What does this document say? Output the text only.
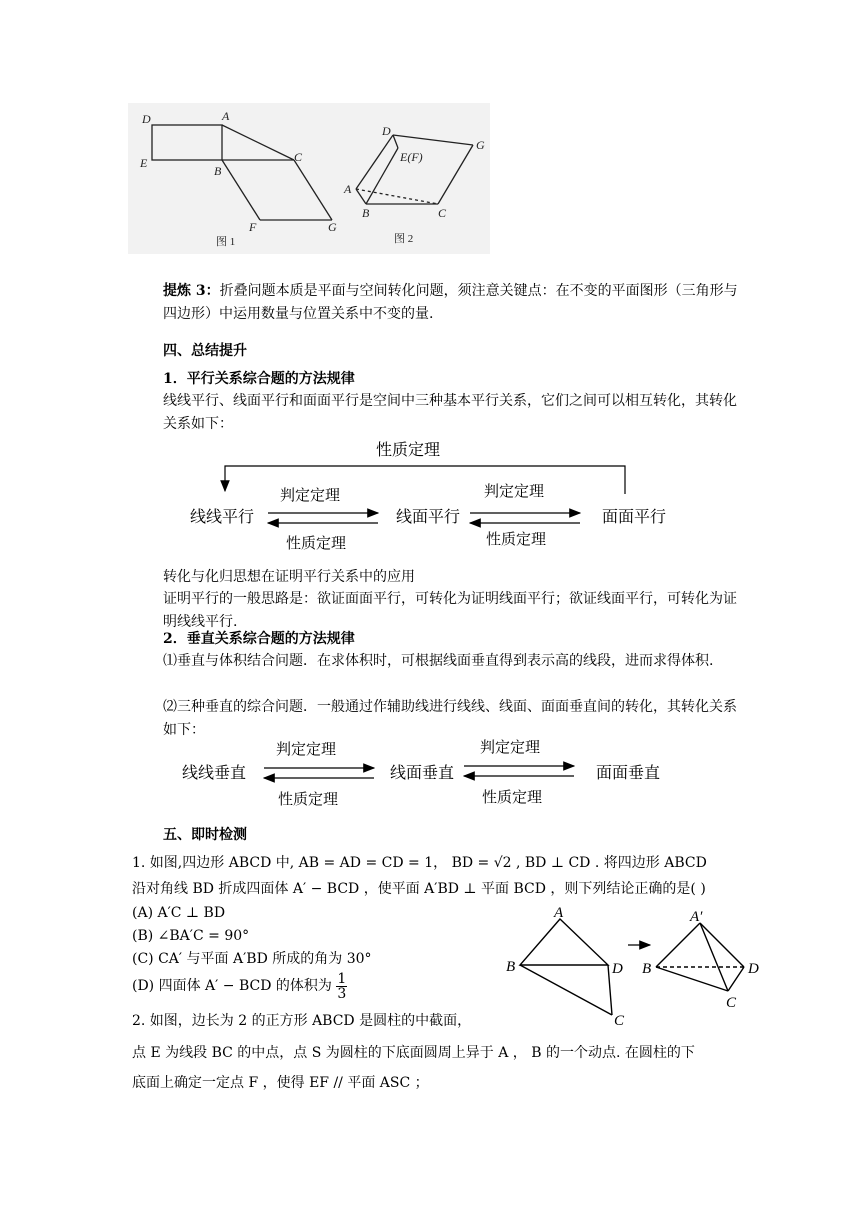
D	A
E
B
C
F	G
图 1
D
E(F)
G
A
B	C
图 2
提炼 3：折叠问题本质是平面与空间转化问题，须注意关键点：在不变的平面图形（三角形与四边形）中运用数量与位置关系中不变的量.
四、总结提升
1．平行关系综合题的方法规律
线线平行、线面平行和面面平行是空间中三种基本平行关系，它们之间可以相互转化，其转化关系如下：
性质定理
线线平行	线面平行	面面平行
判定定理
性质定理
判定定理
性质定理
转化与化归思想在证明平行关系中的应用
证明平行的一般思路是：欲证面面平行，可转化为证明线面平行；欲证线面平行，可转化为证明线线平行.
2．垂直关系综合题的方法规律
⑴垂直与体积结合问题．在求体积时，可根据线面垂直得到表示高的线段，进而求得体积.
⑵三种垂直的综合问题．一般通过作辅助线进行线线、线面、面面垂直间的转化，其转化关系如下：
线线垂直	线面垂直	面面垂直
判定定理
性质定理
判定定理
性质定理
五、即时检测
1. 如图,四边形 ABCD 中, AB = AD = CD = 1， BD = √2 , BD ⊥ CD . 将四边形 ABCD
沿对角线 BD 折成四面体 A′ − BCD ，使平面 A′BD ⊥ 平面 BCD ，则下列结论正确的是( )
(A) A′C ⊥ BD
(B) ∠BA′C = 90°
(C) CA′ 与平面 A′BD 所成的角为 30°
(D) 四面体 A′ − BCD 的体积为 $\frac{1}{3}$
A
B	D
C
A′
B	D
C
2. 如图，边长为 2 的正方形 ABCD 是圆柱的中截面，
点 E 为线段 BC 的中点，点 S 为圆柱的下底面圆周上异于 A ， B 的一个动点. 在圆柱的下
底面上确定一定点 F ，使得 EF // 平面 ASC ；
